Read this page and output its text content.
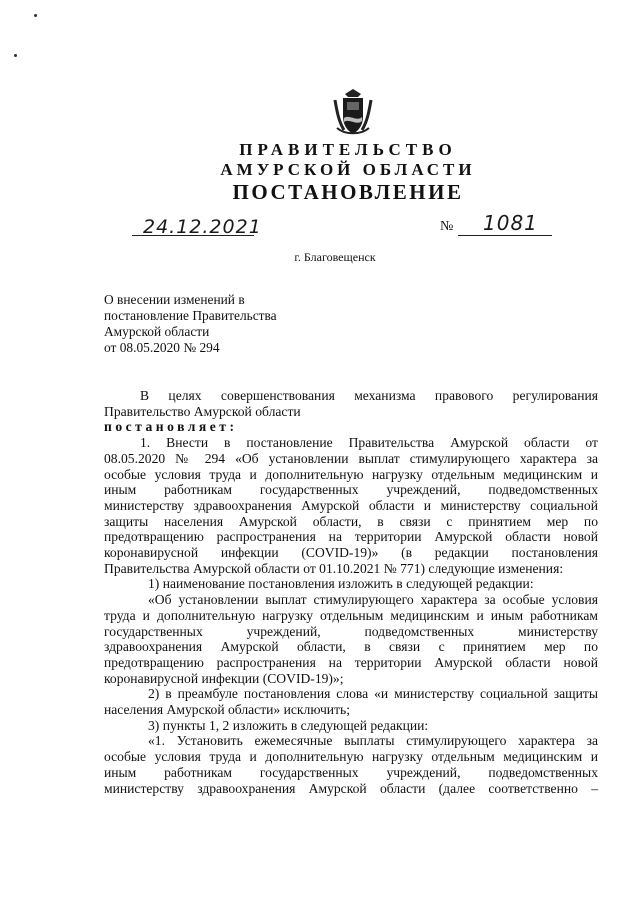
ПРАВИТЕЛЬСТВО
АМУРСКОЙ ОБЛАСТИ
ПОСТАНОВЛЕНИЕ
24.12.2021	№ 1081
г. Благовещенск
О внесении изменений в
постановление Правительства
Амурской области
от 08.05.2020 № 294

В целях совершенствования механизма правового регулирования

Правительство Амурской области

постановляет:

1. Внести в постановление Правительства Амурской области от

08.05.2020 № 294 «Об установлении выплат стимулирующего характера за

особые условия труда и дополнительную нагрузку отдельным медицинским и

иным работникам государственных учреждений, подведомственных

министерству здравоохранения Амурской области и министерству социальной

защиты населения Амурской области, в связи с принятием мер по

предотвращению распространения на территории Амурской области новой

коронавирусной инфекции (COVID-19)» (в редакции постановления

Правительства Амурской области от 01.10.2021 № 771) следующие изменения:

1) наименование постановления изложить в следующей редакции:

«Об установлении выплат стимулирующего характера за особые условия

труда и дополнительную нагрузку отдельным медицинским и иным работникам

государственных учреждений, подведомственных министерству

здравоохранения Амурской области, в связи с принятием мер по

предотвращению распространения на территории Амурской области новой

коронавирусной инфекции (COVID-19)»;

2) в преамбуле постановления слова «и министерству социальной защиты

населения Амурской области» исключить;

3) пункты 1, 2 изложить в следующей редакции:

«1. Установить ежемесячные выплаты стимулирующего характера за

особые условия труда и дополнительную нагрузку отдельным медицинским и

иным работникам государственных учреждений, подведомственных

министерству здравоохранения Амурской области (далее соответственно –
